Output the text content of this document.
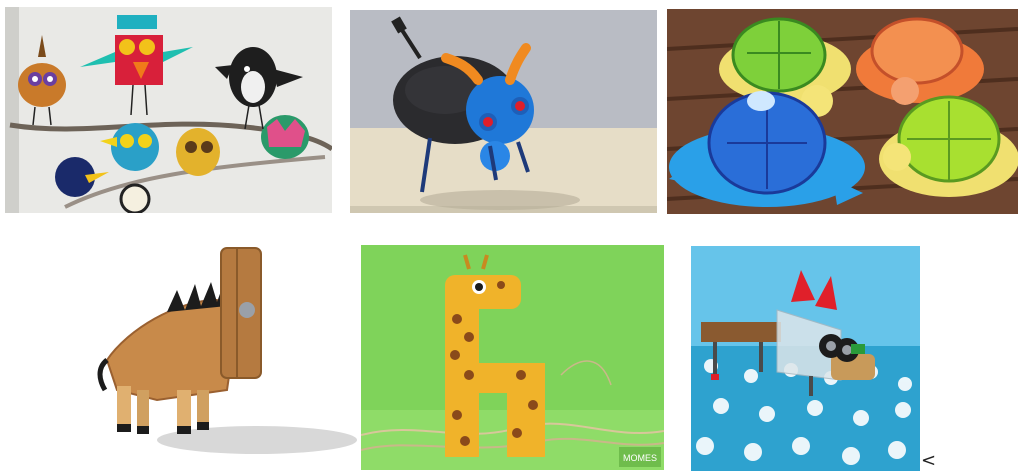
MOMES	<
